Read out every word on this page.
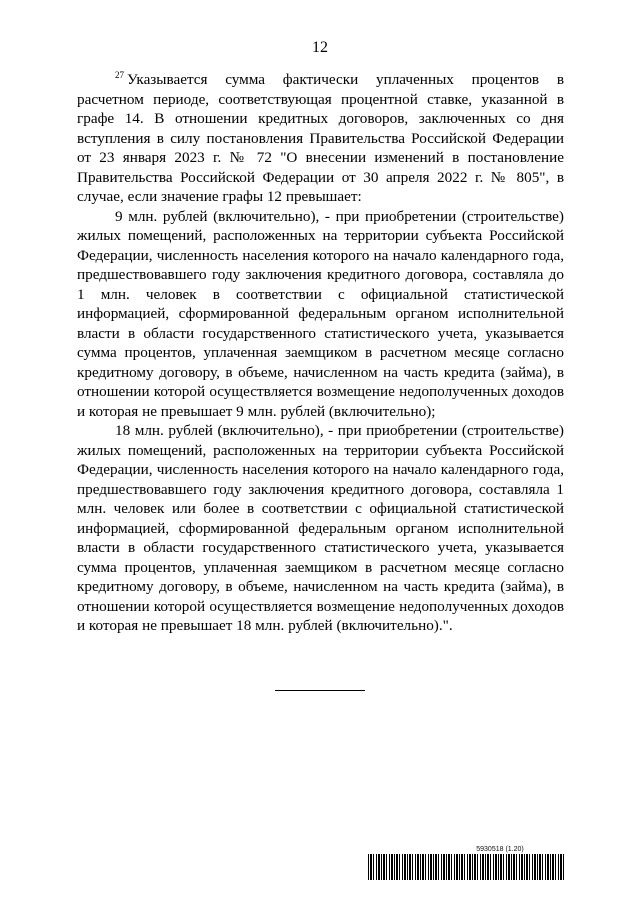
12

$^{27}$ Указывается сумма фактически уплаченных процентов в расчетном периоде, соответствующая процентной ставке, указанной в графе 14. В отношении кредитных договоров, заключенных со дня вступления в силу постановления Правительства Российской Федерации от 23 января 2023 г. № 72 "О внесении изменений в постановление Правительства Российской Федерации от 30 апреля 2022 г. № 805", в случае, если значение графы 12 превышает:

9 млн. рублей (включительно), - при приобретении (строительстве) жилых помещений, расположенных на территории субъекта Российской Федерации, численность населения которого на начало календарного года, предшествовавшего году заключения кредитного договора, составляла до 1 млн. человек в соответствии с официальной статистической информацией, сформированной федеральным органом исполнительной власти в области государственного статистического учета, указывается сумма процентов, уплаченная заемщиком в расчетном месяце согласно кредитному договору, в объеме, начисленном на часть кредита (займа), в отношении которой осуществляется возмещение недополученных доходов и которая не превышает 9 млн. рублей (включительно);

18 млн. рублей (включительно), - при приобретении (строительстве) жилых помещений, расположенных на территории субъекта Российской Федерации, численность населения которого на начало календарного года, предшествовавшего году заключения кредитного договора, составляла 1 млн. человек или более в соответствии с официальной статистической информацией, сформированной федеральным органом исполнительной власти в области государственного статистического учета, указывается сумма процентов, уплаченная заемщиком в расчетном месяце согласно кредитному договору, в объеме, начисленном на часть кредита (займа), в отношении которой осуществляется возмещение недополученных доходов и которая не превышает 18 млн. рублей (включительно).".

5930518 (1.20)
